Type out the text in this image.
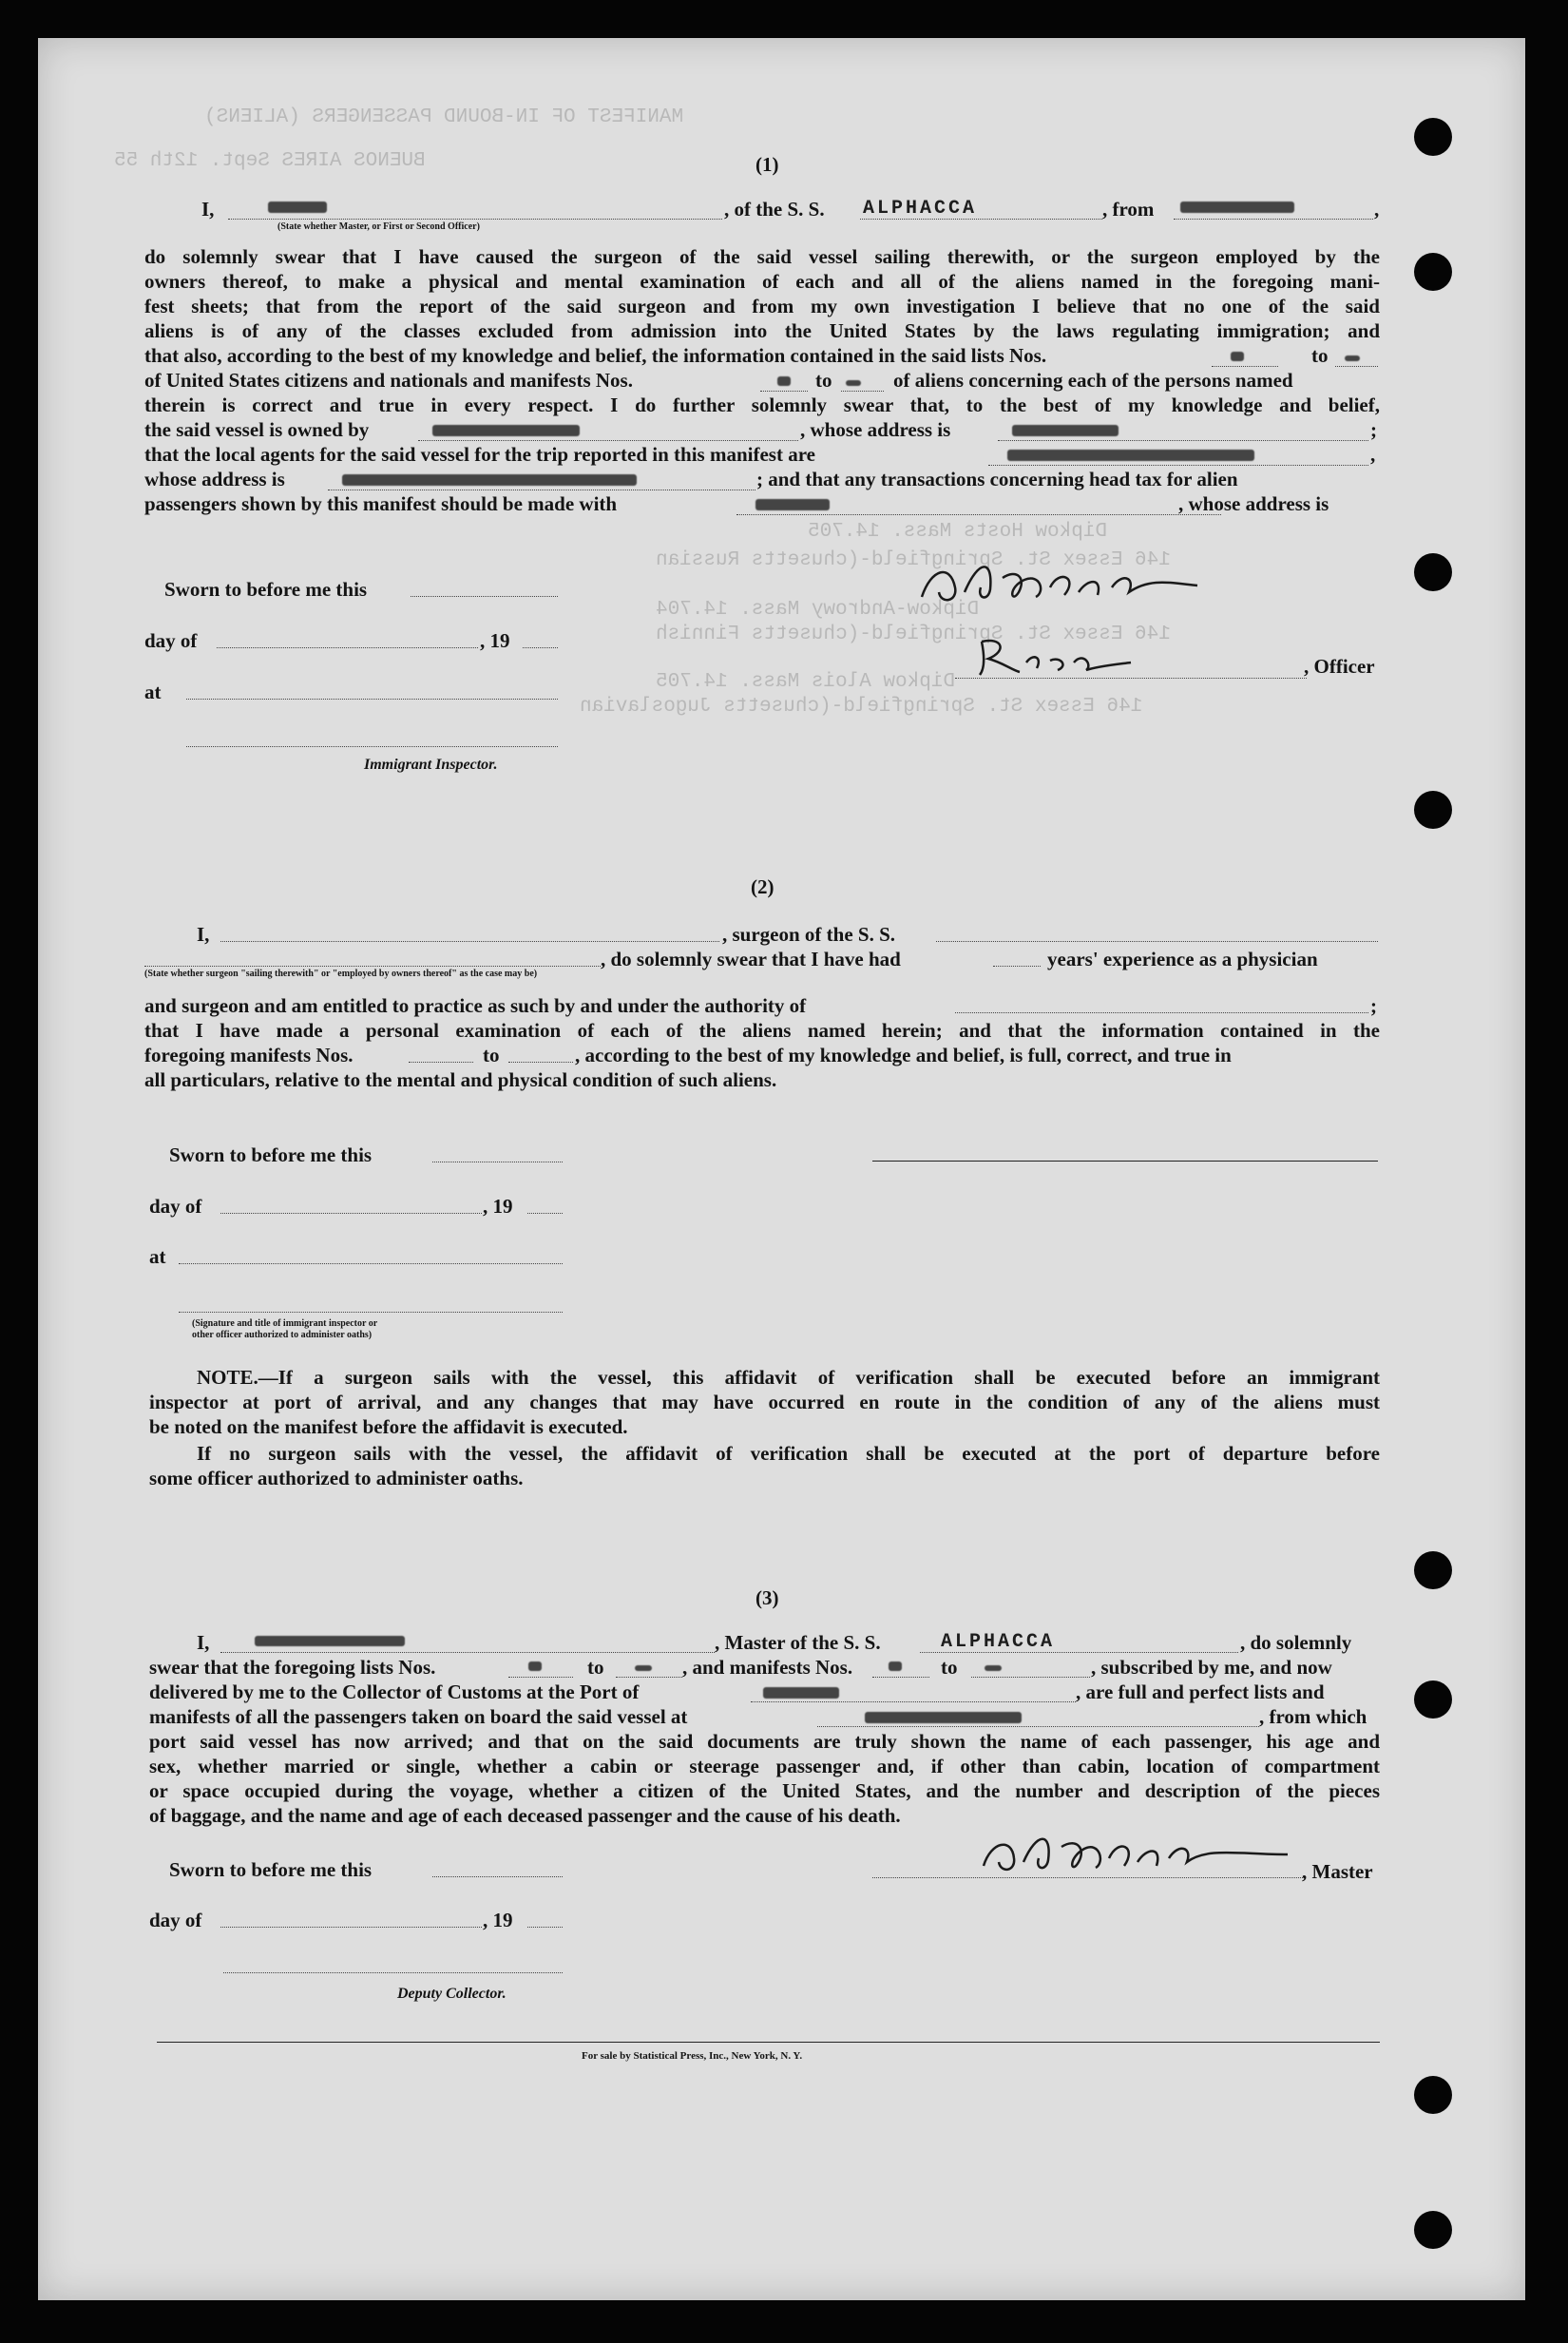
MANIFEST OF IN-BOUND PASSENGERS (ALIENS)
BUENOS AIRES Sept. 12th 55
Dipkow Hosts Mass. 14.705
146 Essex St. Springfield-(chusetts Russian
Dipkow-Androwy Mass. 14.704
146 Essex St. Springfield-(chusetts Finnish
Dipkow Alois Mass. 14.705
146 Essex St. Springfield-(chusetts Jugoslavian
(1)
I,
(State whether Master, or First or Second Officer)
, of the S. S. ALPHACCA	, from	,
do solemnly swear that I have caused the surgeon of the said vessel sailing therewith, or the surgeon employed by the
owners thereof, to make a physical and mental examination of each and all of the aliens named in the foregoing mani-
fest sheets; that from the report of the said surgeon and from my own investigation I believe that no one of the said
aliens is of any of the classes excluded from admission into the United States by the laws regulating immigration; and
that also, according to the best of my knowledge and belief, the information contained in the said lists Nos.	to
of United States citizens and nationals and manifests Nos.	to	of aliens concerning each of the persons named
therein is correct and true in every respect. I do further solemnly swear that, to the best of my knowledge and belief,
the said vessel is owned by	, whose address is	;
that the local agents for the said vessel for the trip reported in this manifest are	,
whose address is	; and that any transactions concerning head tax for alien
passengers shown by this manifest should be made with	, whose address is
Sworn to before me this
day of	, 19
at
Immigrant Inspector.
, Officer
(2)
I,	, surgeon of the S. S.
, do solemnly swear that I have had	years' experience as a physician
(State whether surgeon "sailing therewith" or "employed by owners thereof" as the case may be)
and surgeon and am entitled to practice as such by and under the authority of	;
that I have made a personal examination of each of the aliens named herein; and that the information contained in the
foregoing manifests Nos.	to	, according to the best of my knowledge and belief, is full, correct, and true in
all particulars, relative to the mental and physical condition of such aliens.
Sworn to before me this
day of	, 19
at
(Signature and title of immigrant inspector or
other officer authorized to administer oaths)
NOTE.—If a surgeon sails with the vessel, this affidavit of verification shall be executed before an immigrant
inspector at port of arrival, and any changes that may have occurred en route in the condition of any of the aliens must
be noted on the manifest before the affidavit is executed.
If no surgeon sails with the vessel, the affidavit of verification shall be executed at the port of departure before
some officer authorized to administer oaths.
(3)
I,	, Master of the S. S.	ALPHACCA	, do solemnly
swear that the foregoing lists Nos.	to	, and manifests Nos.	to	, subscribed by me, and now
delivered by me to the Collector of Customs at the Port of	, are full and perfect lists and
manifests of all the passengers taken on board the said vessel at	, from which
port said vessel has now arrived; and that on the said documents are truly shown the name of each passenger, his age and
sex, whether married or single, whether a cabin or steerage passenger and, if other than cabin, location of compartment
or space occupied during the voyage, whether a citizen of the United States, and the number and description of the pieces
of baggage, and the name and age of each deceased passenger and the cause of his death.
Sworn to before me this	, Master
day of	, 19
Deputy Collector.
For sale by Statistical Press, Inc., New York, N. Y.
